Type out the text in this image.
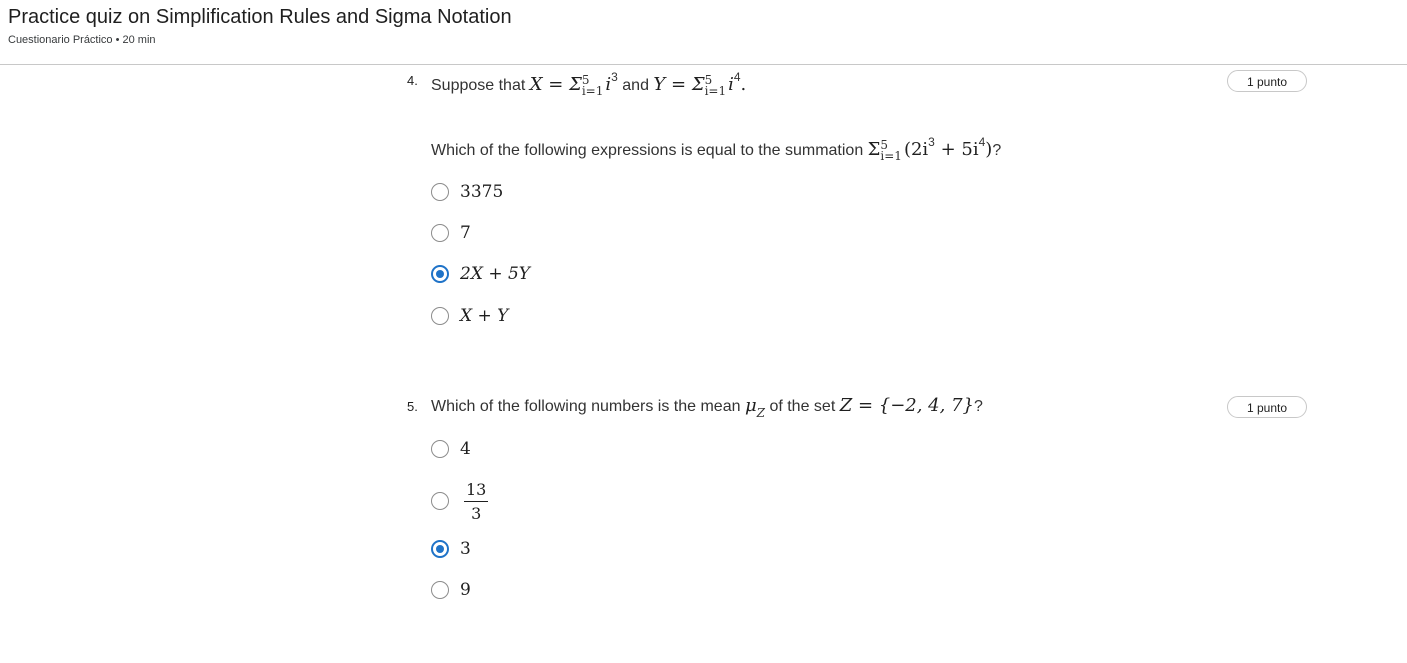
Practice quiz on Simplification Rules and Sigma Notation
Cuestionario Práctico • 20 min
4. Suppose that X = Σ 5
i=1 $i^3$ and Y = Σ 5
i=1 $i^4$.	1 punto
Which of the following expressions is equal to the summation Σ 5
i=1 $(2i^3 + 5i^4)$?
3375
7
2X + 5Y
X + Y
5. Which of the following numbers is the mean $\mu_Z$ of the set Z = {−2, 4, 7}?	1 punto
4
$\frac{13}{3}$
3
9
